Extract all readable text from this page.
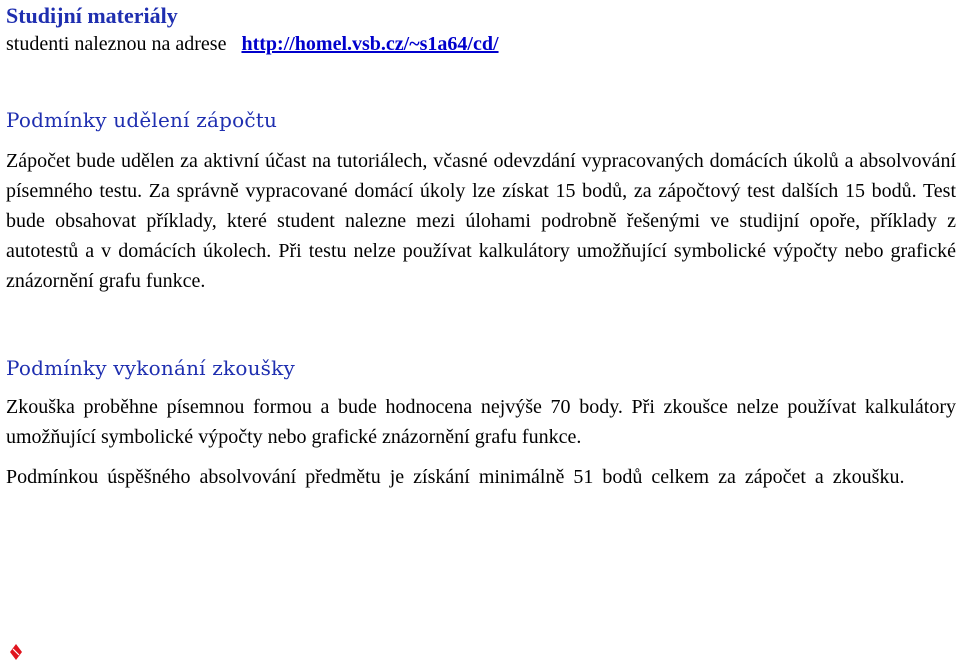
Studijní materiály
studenti naleznou na adrese http://homel.vsb.cz/~s1a64/cd/
Podmínky udělení zápočtu

Zápočet bude udělen za aktivní účast na tutoriálech, včasné odevzdání vypracovaných domácích úkolů a absolvování písemného testu. Za správně vypracované domácí úkoly lze získat 15 bodů, za zápočtový test dalších 15 bodů. Test bude obsahovat příklady, které student nalezne mezi úlohami podrobně řešenými ve studijní opoře, příklady z autotestů a v domácích úkolech. Při testu nelze používat kalkulátory umožňující symbolické výpočty nebo grafické znázornění grafu funkce.

Podmínky vykonání zkoušky

Zkouška proběhne písemnou formou a bude hodnocena nejvýše 70 body. Při zkoušce nelze používat kalkulátory umožňující symbolické výpočty nebo grafické znázornění grafu funkce.

Podmínkou úspěšného absolvování předmětu je získání minimálně 51 bodů celkem za zápočet a zkoušku.
